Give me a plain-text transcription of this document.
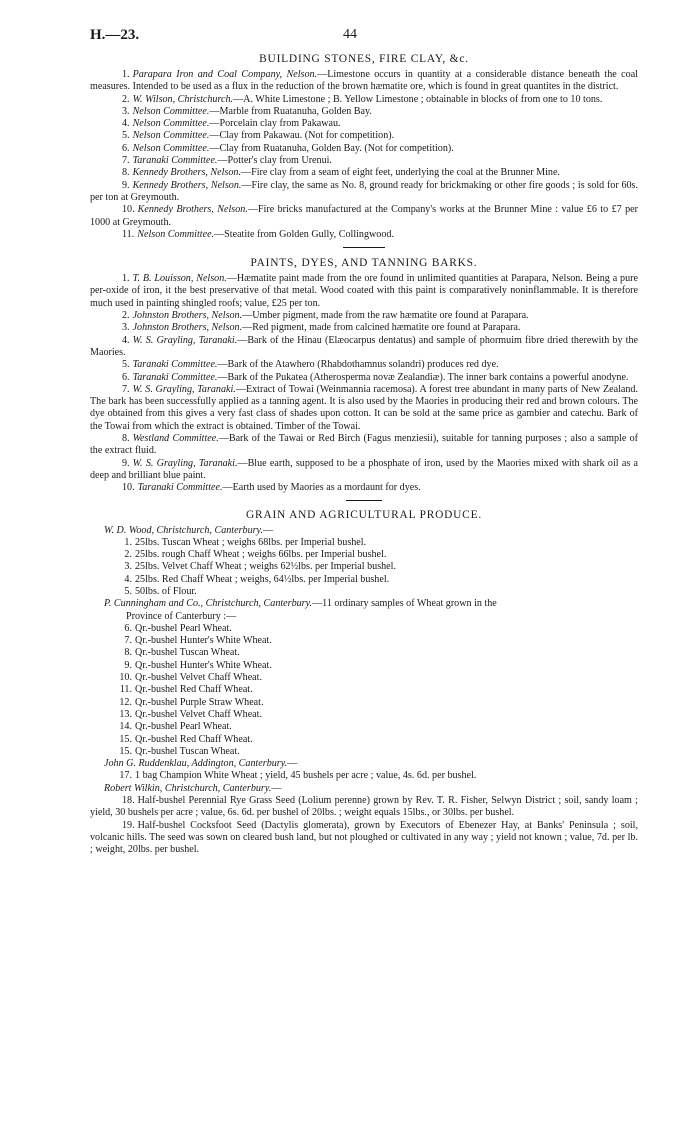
H.—23.	44
BUILDING STONES, FIRE CLAY, &c.

1. Parapara Iron and Coal Company, Nelson.—Limestone occurs in quantity at a considerable distance beneath the coal measures. Intended to be used as a flux in the reduction of the brown hæmatite ore, which is found in great quantites in the district.

2. W. Wilson, Christchurch.—A. White Limestone ; B. Yellow Limestone ; obtainable in blocks of from one to 10 tons.

3. Nelson Committee.—Marble from Ruatanuha, Golden Bay.

4. Nelson Committee.—Porcelain clay from Pakawau.

5. Nelson Committee.—Clay from Pakawau. (Not for competition).

6. Nelson Committee.—Clay from Ruatanuha, Golden Bay. (Not for competition).

7. Taranaki Committee.—Potter's clay from Urenui.

8. Kennedy Brothers, Nelson.—Fire clay from a seam of eight feet, underlying the coal at the Brunner Mine.

9. Kennedy Brothers, Nelson.—Fire clay, the same as No. 8, ground ready for brickmaking or other fire goods ; is sold for 60s. per ton at Greymouth.

10. Kennedy Brothers, Nelson.—Fire bricks manufactured at the Company's works at the Brunner Mine : value £6 to £7 per 1000 at Greymouth.

11. Nelson Committee.—Steatite from Golden Gully, Collingwood.

PAINTS, DYES, AND TANNING BARKS.

1. T. B. Louisson, Nelson.—Hæmatite paint made from the ore found in unlimited quantities at Parapara, Nelson. Being a pure per-oxide of iron, it the best preservative of that metal. Wood coated with this paint is comparatively noninflammable. It is therefore much used in painting shingled roofs; value, £25 per ton.

2. Johnston Brothers, Nelson.—Umber pigment, made from the raw hæmatite ore found at Parapara.

3. Johnston Brothers, Nelson.—Red pigment, made from calcined hæmatite ore found at Parapara.

4. W. S. Grayling, Taranaki.—Bark of the Hinau (Elæocarpus dentatus) and sample of phormuim fibre dried therewith by the Maories.

5. Taranaki Committee.—Bark of the Atawhero (Rhabdothamnus solandri) produces red dye.

6. Taranaki Committee.—Bark of the Pukatea (Atherosperma novæ Zealandiæ). The inner bark contains a powerful anodyne.

7. W. S. Grayling, Taranaki.—Extract of Towai (Weinmannia racemosa). A forest tree abundant in many parts of New Zealand. The bark has been successfully applied as a tanning agent. It is also used by the Maories in producing their red and brown colours. The dye obtained from this gives a very fast class of shades upon cotton. It can be sold at the same price as gambier and catechu. Bark of the Towai from which the extract is obtained. Timber of the Towai.

8. Westland Committee.—Bark of the Tawai or Red Birch (Fagus menziesii), suitable for tanning purposes ; also a sample of the extract fluid.

9. W. S. Grayling, Taranaki.—Blue earth, supposed to be a phosphate of iron, used by the Maories mixed with shark oil as a deep and brilliant blue paint.

10. Taranaki Committee.—Earth used by Maories as a mordaunt for dyes.

GRAIN AND AGRICULTURAL PRODUCE.

W. D. Wood, Christchurch, Canterbury.—

1. 25lbs. Tuscan Wheat ; weighs 68lbs. per Imperial bushel.

2. 25lbs. rough Chaff Wheat ; weighs 66lbs. per Imperial bushel.

3. 25lbs. Velvet Chaff Wheat ; weighs 62½lbs. per Imperial bushel.

4. 25lbs. Red Chaff Wheat ; weighs, 64½lbs. per Imperial bushel.

5. 50lbs. of Flour.

P. Cunningham and Co., Christchurch, Canterbury.—11 ordinary samples of Wheat grown in the

Province of Canterbury :—

6. Qr.-bushel Pearl Wheat.

7. Qr.-bushel Hunter's White Wheat.

8. Qr.-bushel Tuscan Wheat.

9. Qr.-bushel Hunter's White Wheat.

10. Qr.-bushel Velvet Chaff Wheat.

11. Qr.-bushel Red Chaff Wheat.

12. Qr.-bushel Purple Straw Wheat.

13. Qr.-bushel Velvet Chaff Wheat.

14. Qr.-bushel Pearl Wheat.

15. Qr.-bushel Red Chaff Wheat.

15. Qr.-bushel Tuscan Wheat.

John G. Ruddenklau, Addington, Canterbury.—

17. 1 bag Champion White Wheat ; yield, 45 bushels per acre ; value, 4s. 6d. per bushel.

Robert Wilkin, Christchurch, Canterbury.—

18. Half-bushel Perennial Rye Grass Seed (Lolium perenne) grown by Rev. T. R. Fisher, Selwyn District ; soil, sandy loam ; yield, 30 bushels per acre ; value, 6s. 6d. per bushel of 20lbs. ; weight equals 15lbs., or 30lbs. per bushel.

19. Half-bushel Cocksfoot Seed (Dactylis glomerata), grown by Executors of Ebenezer Hay, at Banks' Peninsula ; soil, volcanic hills. The seed was sown on cleared bush land, but not ploughed or cultivated in any way ; yield not known ; value, 7d. per lb. ; weight, 20lbs. per bushel.
